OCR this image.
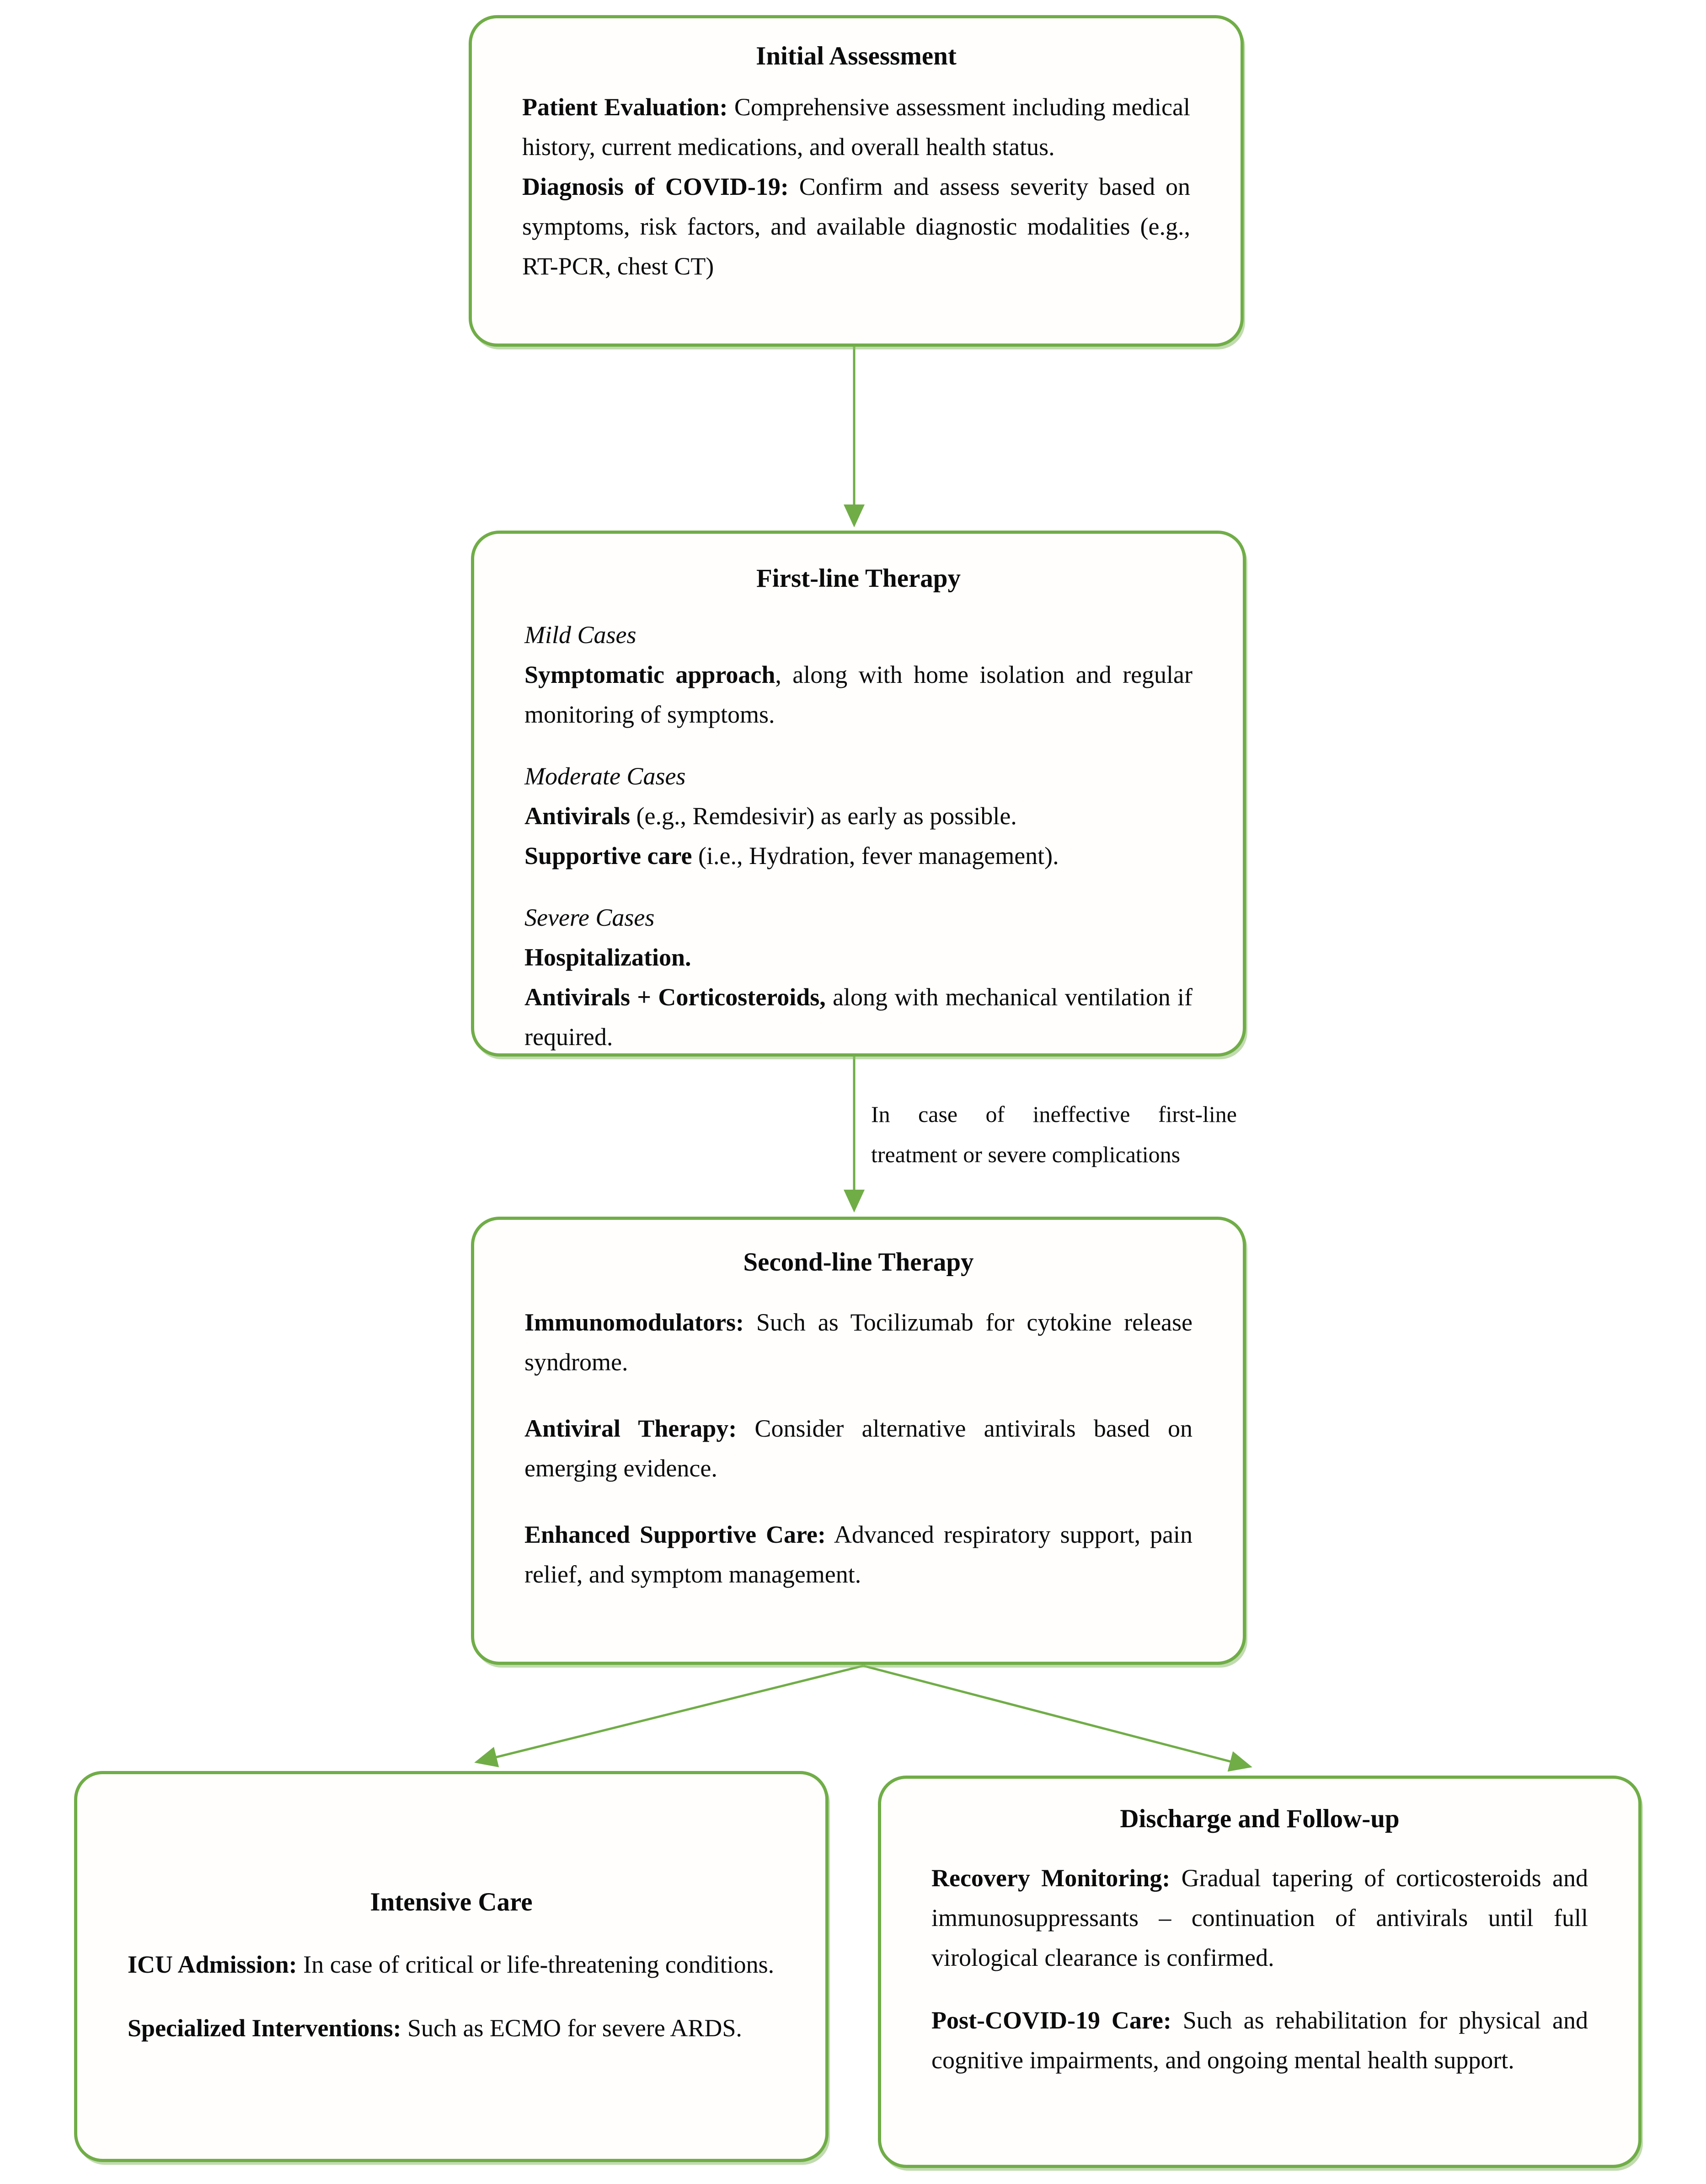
Initial Assessment

Patient Evaluation: Comprehensive assessment including medical history, current medications, and overall health status.

Diagnosis of COVID-19: Confirm and assess severity based on symptoms, risk factors, and available diagnostic modalities (e.g., RT-PCR, chest CT)

First-line Therapy

Mild Cases

Symptomatic approach, along with home isolation and regular monitoring of symptoms.

Moderate Cases

Antivirals (e.g., Remdesivir) as early as possible.

Supportive care (i.e., Hydration, fever management).

Severe Cases

Hospitalization.

Antivirals + Corticosteroids, along with mechanical ventilation if required.

In case of ineffective first-line treatment or severe complications
Second-line Therapy

Immunomodulators: Such as Tocilizumab for cytokine release syndrome.

Antiviral Therapy: Consider alternative antivirals based on emerging evidence.

Enhanced Supportive Care: Advanced respiratory support, pain relief, and symptom management.

Intensive Care

ICU Admission: In case of critical or life-threatening conditions.

Specialized Interventions: Such as ECMO for severe ARDS.

Discharge and Follow-up

Recovery Monitoring: Gradual tapering of corticosteroids and immunosuppressants – continuation of antivirals until full virological clearance is confirmed.

Post-COVID-19 Care: Such as rehabilitation for physical and cognitive impairments, and ongoing mental health support.
